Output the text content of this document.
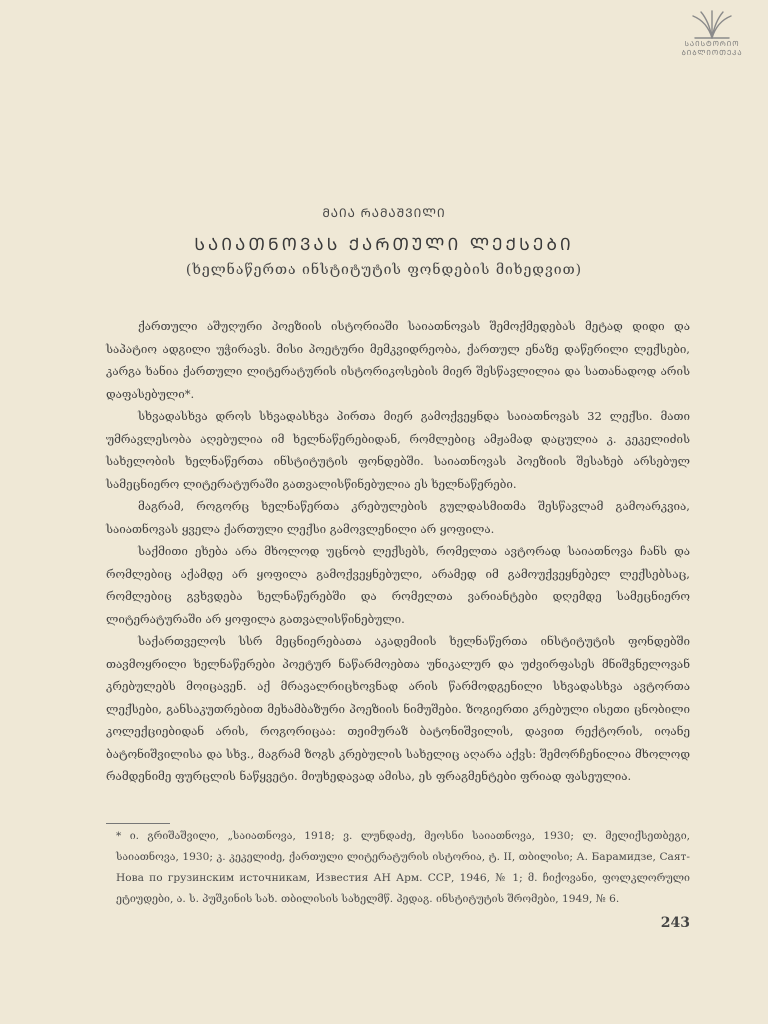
ᲡᲐᲘᲡᲢᲝᲠᲘᲝ
ᲑᲘᲑᲚᲘᲝᲗᲔᲙᲐ
ᲛᲐᲘᲐ ᲠᲐᲛᲐᲨᲕᲘᲚᲘ
ᲡᲐᲘᲐᲗᲜᲝᲕᲐᲡ ᲥᲐᲠᲗᲣᲚᲘ ᲚᲔᲥᲡᲔᲑᲘ
(ხელნაწერთა ინსტიტუტის ფონდების მიხედვით)

ქართული აშუღური პოეზიის ისტორიაში საიათნოვას შემოქმედებას მეტად დიდი და საპატიო ადგილი უჭირავს. მისი პოეტური მემკვიდრეობა, ქართულ ენაზე დაწერილი ლექსები, კარგა ხანია ქართული ლიტერატურის ისტორიკოსების მიერ შესწავლილია და სათანადოდ არის დაფასებული*.

სხვადასხვა დროს სხვადასხვა პირთა მიერ გამოქვეყნდა საიათნოვას 32 ლექსი. მათი უმრავლესობა აღებულია იმ ხელნაწერებიდან, რომლებიც ამჟამად დაცულია კ. კეკელიძის სახელობის ხელნაწერთა ინსტიტუტის ფონდებში. საიათნოვას პოეზიის შესახებ არსებულ სამეცნიერო ლიტერატურაში გათვალისწინებულია ეს ხელნაწერები.

მაგრამ, როგორც ხელნაწერთა კრებულების გულდასმითმა შესწავლამ გამოარკვია, საიათნოვას ყველა ქართული ლექსი გამოვლენილი არ ყოფილა.

საქმითი ეხება არა მხოლოდ უცნობ ლექსებს, რომელთა ავტორად საიათნოვა ჩანს და რომლებიც აქამდე არ ყოფილა გამოქვეყნებული, არამედ იმ გამოუქვეყნებელ ლექსებსაც, რომლებიც გვხვდება ხელნაწერებში და რომელთა ვარიანტები დღემდე სამეცნიერო ლიტერატურაში არ ყოფილა გათვალისწინებული.

საქართველოს სსრ მეცნიერებათა აკადემიის ხელნაწერთა ინსტიტუტის ფონდებში თავმოყრილი ხელნაწერები პოეტურ ნაწარმოებთა უნიკალურ და უძვირფასეს მნიშვნელოვან კრებულებს მოიცავენ. აქ მრავალრიცხოვნად არის წარმოდგენილი სხვადასხვა ავტორთა ლექსები, განსაკუთრებით მეხამბაზური პოეზიის ნიმუშები. ზოგიერთი კრებული ისეთი ცნობილი კოლექციებიდან არის, როგორიცაა: თეიმურაზ ბატონიშვილის, დავით რექტორის, იოანე ბატონიშვილისა და სხვ., მაგრამ ზოგს კრებულის სახელიც აღარა აქვს: შემორჩენილია მხოლოდ რამდენიმე ფურცლის ნაწყვეტი. მიუხედავად ამისა, ეს ფრაგმენტები ფრიად ფასეულია.

* ი. გრიშაშვილი, „საიათნოვა, 1918; ვ. ლუნდაძე, მეოსნი საიათნოვა, 1930; ლ. მელიქსეთბეგი, საიათნოვა, 1930; კ. კეკელიძე, ქართული ლიტერატურის ისტორია, ტ. II, თბილისი; А. Барамидзе, Саят-Нова по грузинским источникам, Известия АН Арм. ССР, 1946, № 1; მ. ჩიქოვანი, ფოლკლორული ეტიუდები, ა. ს. პუშკინის სახ. თბილისის სახელმწ. პედაგ. ინსტიტუტის შრომები, 1949, № 6.

243
